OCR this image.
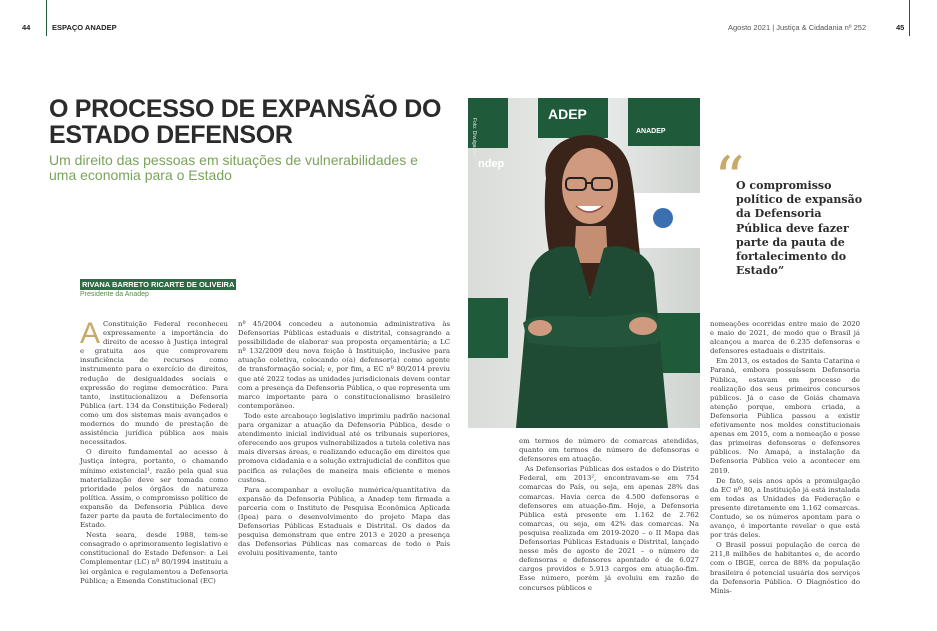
44	ESPAÇO ANADEP	Agosto 2021 | Justiça & Cidadania nº 252	45
O PROCESSO DE EXPANSÃO DO ESTADO DEFENSOR
Um direito das pessoas em situações de vulnerabilidades e uma economia para o Estado
RIVANA BARRETO RICARTE DE OLIVEIRA
Presidente da Anadep
A Constituição Federal reconheceu expressamente a importância do direito de acesso à Justiça integral e gratuita aos que comprovarem insuficiência de recursos como instrumento para o exercício de direitos, redução de desigualdades sociais e expressão do regime democrático. Para tanto, institucionalizou a Defensoria Pública (art. 134 da Constituição Federal) como um dos sistemas mais avançados e modernos do mundo de prestação de assistência jurídica pública aos mais necessitados.

O direito fundamental ao acesso à Justiça íntegra, portanto, o chamando mínimo existencial¹, razão pela qual sua materialização deve ser tomada como prioridade pelos órgãos de natureza política. Assim, o compromisso político de expansão da Defensoria Pública deve fazer parte da pauta de fortalecimento do Estado.

Nesta seara, desde 1988, tem-se consagrado o aprimoramento legislativo e constitucional do Estado Defensor: a Lei Complementar (LC) nº 80/1994 instituiu a lei orgânica e regulamentou a Defensoria Pública; a Emenda Constitucional (EC)

nº 45/2004 concedeu a autonomia administrativa às Defensorias Públicas estaduais e distrital, consagrando a possibilidade de elaborar sua proposta orçamentária; a LC nº 132/2009 deu nova feição à Instituição, inclusive para atuação coletiva, colocando o(a) defensor(a) como agente de transformação social; e, por fim, a EC nº 80/2014 previu que até 2022 todas as unidades jurisdicionais devem contar com a presença da Defensoria Pública, o que representa um marco importante para o constitucionalismo brasileiro contemporâneo.

Todo este arcabouço legislativo imprimiu padrão nacional para organizar a atuação da Defensoria Pública, desde o atendimento inicial individual até os tribunais superiores, oferecendo aos grupos vulnerabilizados a tutela coletiva nas mais diversas áreas, e realizando educação em direitos que promova cidadania e a solução extrajudicial de conflitos que pacifica as relações de maneira mais eficiente e menos custosa.

Para acompanhar a evolução numérica/quantitativa da expansão da Defensoria Pública, a Anadep tem firmada a parceria com o Instituto de Pesquisa Econômica Aplicada (Ipea) para o desenvolvimento do projeto Mapa das Defensorias Públicas Estaduais e Distrital. Os dados da pesquisa demonstram que entre 2013 e 2020 a presença das Defensorias Públicas nas comarcas de todo o País evoluiu positivamente, tanto

ndep
ADEP
ANADEP
Foto: Divulgação
“
O compromisso político de expansão da Defensoria Pública deve fazer parte da pauta de fortalecimento do Estado”

em termos de número de comarcas atendidas, quanto em termos de número de defensoras e defensores em atuação.

As Defensorias Públicas dos estados e do Distrito Federal, em 2013², encontravam-se em 754 comarcas do País, ou seja, em apenas 28% das comarcas. Havia cerca de 4.500 defensoras e defensores em atuação-fim. Hoje, a Defensoria Pública está presente em 1.162 de 2.762 comarcas, ou seja, em 42% das comarcas. Na pesquisa realizada em 2019-2020 – o II Mapa das Defensorias Públicas Estaduais e Distrital, lançado nesse mês de agosto de 2021 – o número de defensoras e defensores apontado é de 6.027 cargos providos e 5.913 cargos em atuação-fim. Esse número, porém já evoluiu em razão de concursos públicos e

nomeações ocorridas entre maio de 2020 e maio de 2021, de modo que o Brasil já alcançou a marca de 6.235 defensoras e defensores estaduais e distritais.

Em 2013, os estados de Santa Catarina e Paraná, embora possuíssem Defensoria Pública, estavam em processo de realização dos seus primeiros concursos públicos. Já o caso de Goiás chamava atenção porque, embora criada, a Defensoria Pública passou a existir efetivamente nos moldes constitucionais apenas em 2015, com a nomeação e posse das primeiras defensoras e defensores públicos. No Amapá, a instalação da Defensoria Pública veio a acontecer em 2019.

De fato, seis anos após a promulgação da EC nº 80, a Instituição já está instalada em todas as Unidades da Federação e presente diretamente em 1.162 comarcas. Contudo, se os números apontam para o avanço, é importante revelar o que está por trás deles.

O Brasil possui população de cerca de 211,8 milhões de habitantes e, de acordo com o IBGE, cerca de 88% da população brasileira é potencial usuária dos serviços da Defensoria Pública. O Diagnóstico do Minis-
